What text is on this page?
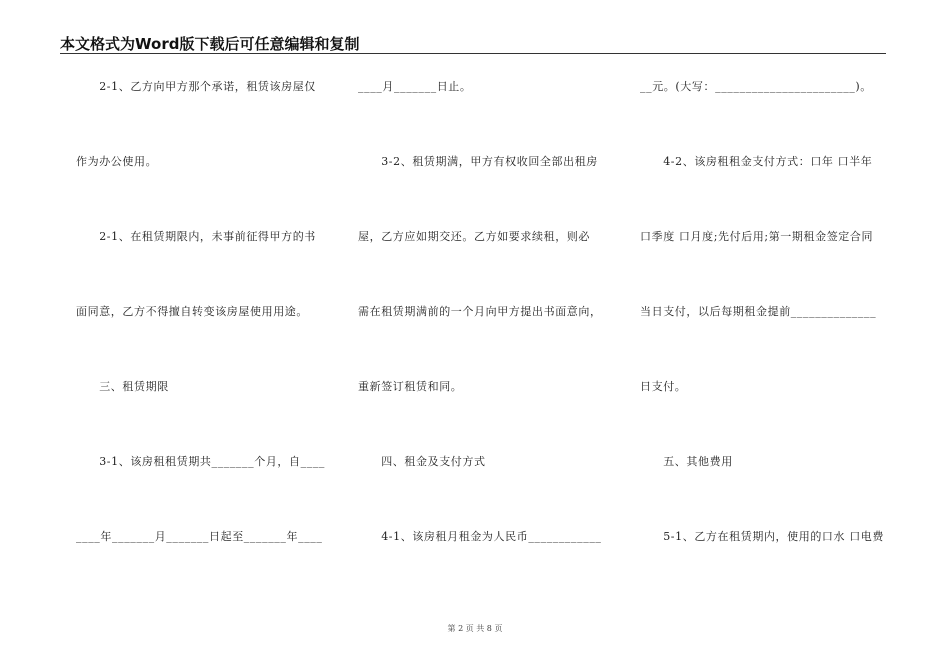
本文格式为Word版下载后可任意编辑和复制
　　2-1、乙方向甲方那个承诺，租赁该房屋仅
作为办公使用。
　　2-1、在租赁期限内，未事前征得甲方的书
面同意，乙方不得擅自转变该房屋使用用途。
　　三、租赁期限
　　3-1、该房租租赁期共_______个月，自____
____年_______月_______日起至_______年____
____月_______日止。
　　3-2、租赁期满，甲方有权收回全部出租房
屋，乙方应如期交还。乙方如要求续租，则必
需在租赁期满前的一个月向甲方提出书面意向，
重新签订租赁和同。
　　四、租金及支付方式
　　4-1、该房租月租金为人民币____________
__元。(大写：_______________________)。
　　4-2、该房租租金支付方式：口年 口半年
口季度 口月度;先付后用;第一期租金签定合同
当日支付，以后每期租金提前______________
日支付。
　　五、其他费用
　　5-1、乙方在租赁期内，使用的口水 口电费
第 2 页 共 8 页
